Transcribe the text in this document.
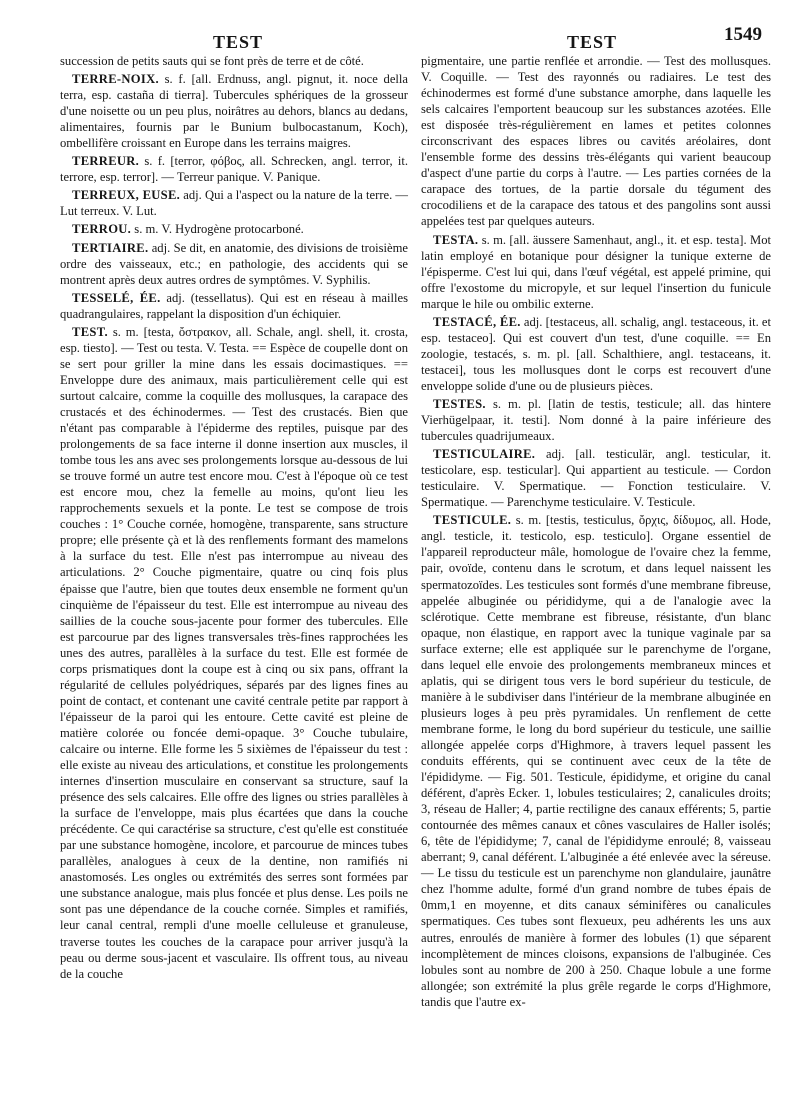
TEST	TEST	1549

succession de petits sauts qui se font près de terre et de côté.

TERRE-NOIX. s. f. [all. Erdnuss, angl. pignut, it. noce della terra, esp. castaña di tierra]. Tubercules sphériques de la grosseur d'une noisette ou un peu plus, noirâtres au dehors, blancs au dedans, alimentaires, fournis par le Bunium bulbocastanum, Koch), ombellifère croissant en Europe dans les terrains maigres.

TERREUR. s. f. [terror, φόβος, all. Schrecken, angl. terror, it. terrore, esp. terror]. — Terreur panique. V. Panique.

TERREUX, EUSE. adj. Qui a l'aspect ou la nature de la terre. — Lut terreux. V. Lut.

TERROU. s. m. V. Hydrogène protocarboné.

TERTIAIRE. adj. Se dit, en anatomie, des divisions de troisième ordre des vaisseaux, etc.; en pathologie, des accidents qui se montrent après deux autres ordres de symptômes. V. Syphilis.

TESSELÉ, ÉE. adj. (tessellatus). Qui est en réseau à mailles quadrangulaires, rappelant la disposition d'un échiquier.

TEST. s. m. [testa, ὄστρακον, all. Schale, angl. shell, it. crosta, esp. tiesto]. — Test ou testa. V. Testa. == Espèce de coupelle dont on se sert pour griller la mine dans les essais docimastiques. == Enveloppe dure des animaux, mais particulièrement celle qui est surtout calcaire, comme la coquille des mollusques, la carapace des crustacés et des échinodermes. — Test des crustacés. Bien que n'étant pas comparable à l'épiderme des reptiles, puisque par des prolongements de sa face interne il donne insertion aux muscles, il tombe tous les ans avec ses prolongements lorsque au-dessous de lui se trouve formé un autre test encore mou. C'est à l'époque où ce test est encore mou, chez la femelle au moins, qu'ont lieu les rapprochements sexuels et la ponte. Le test se compose de trois couches : 1° Couche cornée, homogène, transparente, sans structure propre; elle présente çà et là des renflements formant des mamelons à la surface du test. Elle n'est pas interrompue au niveau des articulations. 2° Couche pigmentaire, quatre ou cinq fois plus épaisse que l'autre, bien que toutes deux ensemble ne forment qu'un cinquième de l'épaisseur du test. Elle est interrompue au niveau des saillies de la couche sous-jacente pour former des tubercules. Elle est parcourue par des lignes transversales très-fines rapprochées les unes des autres, parallèles à la surface du test. Elle est formée de corps prismatiques dont la coupe est à cinq ou six pans, offrant la régularité de cellules polyédriques, séparés par des lignes fines au point de contact, et contenant une cavité centrale petite par rapport à l'épaisseur de la paroi qui les entoure. Cette cavité est pleine de matière colorée ou foncée demi-opaque. 3° Couche tubulaire, calcaire ou interne. Elle forme les 5 sixièmes de l'épaisseur du test : elle existe au niveau des articulations, et constitue les prolongements internes d'insertion musculaire en conservant sa structure, sauf la présence des sels calcaires. Elle offre des lignes ou stries parallèles à la surface de l'enveloppe, mais plus écartées que dans la couche précédente. Ce qui caractérise sa structure, c'est qu'elle est constituée par une substance homogène, incolore, et parcourue de minces tubes parallèles, analogues à ceux de la dentine, non ramifiés ni anastomosés. Les ongles ou extrémités des serres sont formées par une substance analogue, mais plus foncée et plus dense. Les poils ne sont pas une dépendance de la couche cornée. Simples et ramifiés, leur canal central, rempli d'une moelle celluleuse et granuleuse, traverse toutes les couches de la carapace pour arriver jusqu'à la peau ou derme sous-jacent et vasculaire. Ils offrent tous, au niveau de la couche

pigmentaire, une partie renflée et arrondie. — Test des mollusques. V. Coquille. — Test des rayonnés ou radiaires. Le test des échinodermes est formé d'une substance amorphe, dans laquelle les sels calcaires l'emportent beaucoup sur les substances azotées. Elle est disposée très-régulièrement en lames et petites colonnes circonscrivant des espaces libres ou cavités aréolaires, dont l'ensemble forme des dessins très-élégants qui varient beaucoup d'aspect d'une partie du corps à l'autre. — Les parties cornées de la carapace des tortues, de la partie dorsale du tégument des crocodiliens et de la carapace des tatous et des pangolins sont aussi appelées test par quelques auteurs.

TESTA. s. m. [all. äussere Samenhaut, angl., it. et esp. testa]. Mot latin employé en botanique pour désigner la tunique externe de l'épisperme. C'est lui qui, dans l'œuf végétal, est appelé primine, qui offre l'exostome du micropyle, et sur lequel l'insertion du funicule marque le hile ou ombilic externe.

TESTACÉ, ÉE. adj. [testaceus, all. schalig, angl. testaceous, it. et esp. testaceo]. Qui est couvert d'un test, d'une coquille. == En zoologie, testacés, s. m. pl. [all. Schalthiere, angl. testaceans, it. testacei], tous les mollusques dont le corps est recouvert d'une enveloppe solide d'une ou de plusieurs pièces.

TESTES. s. m. pl. [latin de testis, testicule; all. das hintere Vierhügelpaar, it. testi]. Nom donné à la paire inférieure des tubercules quadrijumeaux.

TESTICULAIRE. adj. [all. testiculär, angl. testicular, it. testicolare, esp. testicular]. Qui appartient au testicule. — Cordon testiculaire. V. Spermatique. — Fonction testiculaire. V. Spermatique. — Parenchyme testiculaire. V. Testicule.

TESTICULE. s. m. [testis, testiculus, ὄρχις, δίδυμος, all. Hode, angl. testicle, it. testicolo, esp. testiculo]. Organe essentiel de l'appareil reproducteur mâle, homologue de l'ovaire chez la femme, pair, ovoïde, contenu dans le scrotum, et dans lequel naissent les spermatozoïdes. Les testicules sont formés d'une membrane fibreuse, appelée albuginée ou pérididyme, qui a de l'analogie avec la sclérotique. Cette membrane est fibreuse, résistante, d'un blanc opaque, non élastique, en rapport avec la tunique vaginale par sa surface externe; elle est appliquée sur le parenchyme de l'organe, dans lequel elle envoie des prolongements membraneux minces et aplatis, qui se dirigent tous vers le bord supérieur du testicule, de manière à le subdiviser dans l'intérieur de la membrane albuginée en plusieurs loges à peu près pyramidales. Un renflement de cette membrane forme, le long du bord supérieur du testicule, une saillie allongée appelée corps d'Highmore, à travers lequel passent les conduits efférents, qui se continuent avec ceux de la tête de l'épididyme. — Fig. 501. Testicule, épididyme, et origine du canal déférent, d'après Ecker. 1, lobules testiculaires; 2, canalicules droits; 3, réseau de Haller; 4, partie rectiligne des canaux efférents; 5, partie contournée des mêmes canaux et cônes vasculaires de Haller isolés; 6, tête de l'épididyme; 7, canal de l'épididyme enroulé; 8, vaisseau aberrant; 9, canal déférent. L'albuginée a été enlevée avec la séreuse. — Le tissu du testicule est un parenchyme non glandulaire, jaunâtre chez l'homme adulte, formé d'un grand nombre de tubes épais de 0mm,1 en moyenne, et dits canaux séminifères ou canalicules spermatiques. Ces tubes sont flexueux, peu adhérents les uns aux autres, enroulés de manière à former des lobules (1) que séparent incomplètement de minces cloisons, expansions de l'albuginée. Ces lobules sont au nombre de 200 à 250. Chaque lobule a une forme allongée; son extrémité la plus grêle regarde le corps d'Highmore, tandis que l'autre ex-
